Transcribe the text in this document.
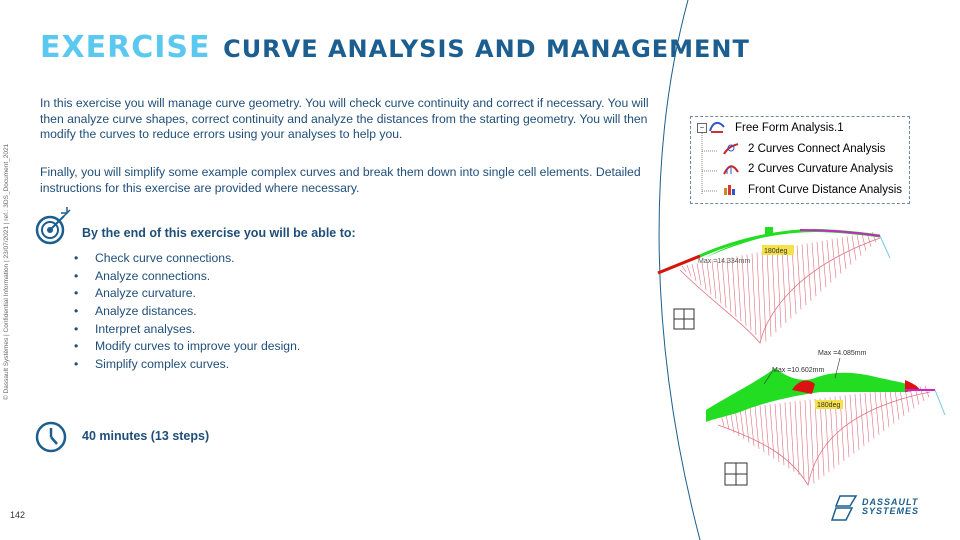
EXERCISE CURVE ANALYSIS AND MANAGEMENT
© Dassault Systèmes | Confidential Information | 23/07/2021 | ref.: 3DS_Document_2021
In this exercise you will manage curve geometry. You will check curve continuity and correct if necessary. You will then analyze curve shapes, correct continuity and analyze the distances from the starting geometry. You will then modify the curves to reduce errors using your analyses to help you.
Finally, you will simplify some example complex curves and break them down into single cell elements. Detailed instructions for this exercise are provided where necessary.
By the end of this exercise you will be able to:
• Check curve connections.
• Analyze connections.
• Analyze curvature.
• Analyze distances.
• Interpret analyses.
• Modify curves to improve your design.
• Simplify complex curves.
40 minutes (13 steps)
142
180deg
Max =14.334mm
180deg
Max =4.085mm
Max =10.602mm
DASSAULT
SYSTEMES
−	Free Form Analysis.1
2 Curves Connect Analysis
2 Curves Curvature Analysis
Front Curve Distance Analysis
